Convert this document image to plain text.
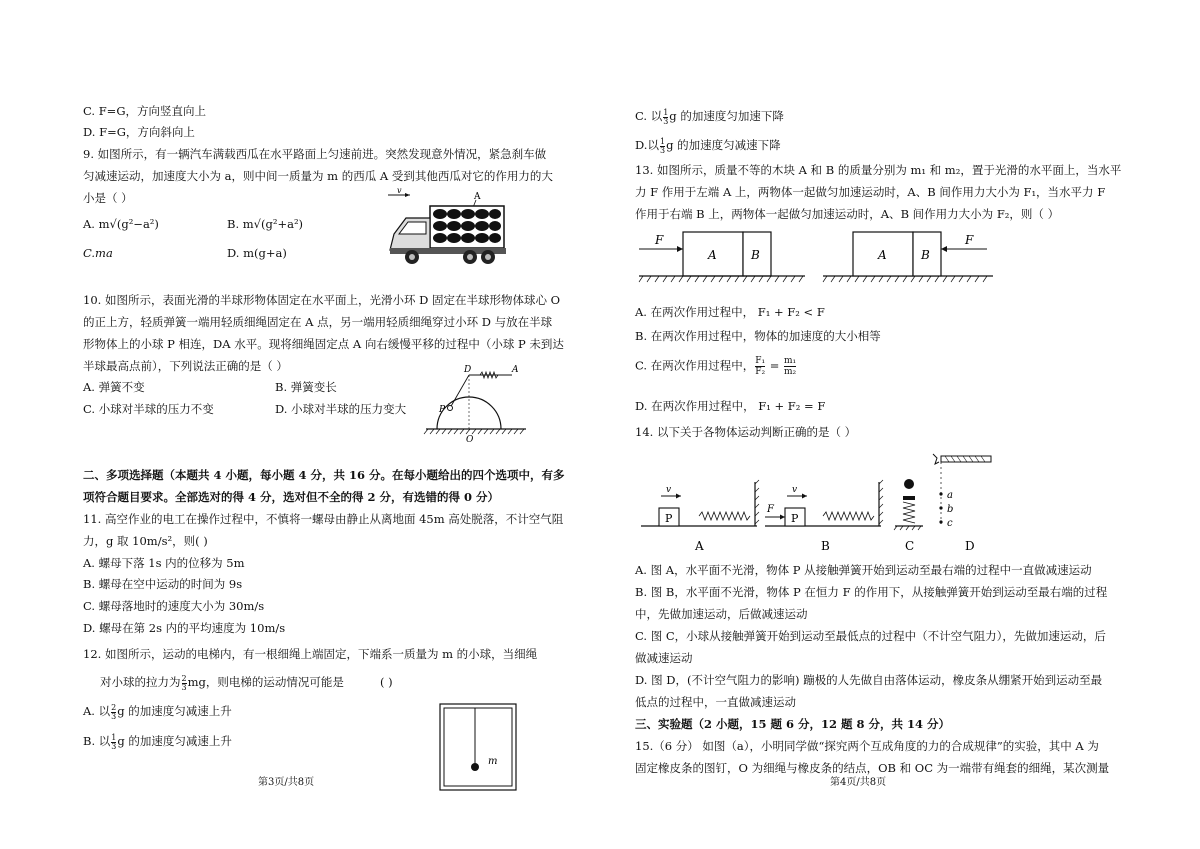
C. F=G，方向竖直向上
D. F=G，方向斜向上
9. 如图所示，有一辆汽车满载西瓜在水平路面上匀速前进。突然发现意外情况，紧急刹车做
匀减速运动，加速度大小为 a，则中间一质量为 m 的西瓜 A 受到其他西瓜对它的作用力的大
小是（ ）
A. m√(g²−a²)	B. m√(g²+a²)
C.ma	D. m(g+a)
v
A
10. 如图所示，表面光滑的半球形物体固定在水平面上，光滑小环 D 固定在半球形物体球心 O
的正上方，轻质弹簧一端用轻质细绳固定在 A 点，另一端用轻质细绳穿过小环 D 与放在半球
形物体上的小球 P 相连，DA 水平。现将细绳固定点 A 向右缓慢平移的过程中（小球 P 未到达
半球最高点前），下列说法正确的是（ ）
A. 弹簧不变	B. 弹簧变长
C. 小球对半球的压力不变	D. 小球对半球的压力变大
D	A
P
O
二、多项选择题（本题共 4 小题，每小题 4 分，共 16 分。在每小题给出的四个选项中，有多
项符合题目要求。全部选对的得 4 分，选对但不全的得 2 分，有选错的得 0 分）
11. 高空作业的电工在操作过程中，不慎将一螺母由静止从离地面 45m 高处脱落，不计空气阻
力，g 取 10m/s²，则( )
A. 螺母下落 1s 内的位移为 5m
B. 螺母在空中运动的时间为 9s
C. 螺母落地时的速度大小为 30m/s
D. 螺母在第 2s 内的平均速度为 10m/s
12. 如图所示，运动的电梯内，有一根细绳上端固定，下端系一质量为 m 的小球，当细绳
对小球的拉力为 $\frac{2}{3}$ mg，则电梯的运动情况可能是	( )
A. 以 $\frac{2}{3}$ g 的加速度匀减速上升
B. 以 $\frac{1}{3}$ g 的加速度匀减速上升
m
第3页/共8页
C. 以 $\frac{1}{3}$ g 的加速度匀加速下降
D.以 $\frac{1}{3}$ g 的加速度匀减速下降
13. 如图所示，质量不等的木块 A 和 B 的质量分别为 m₁ 和 m₂，置于光滑的水平面上，当水平
力 F 作用于左端 A 上，两物体一起做匀加速运动时，A、B 间作用力大小为 F₁，当水平力 F
作用于右端 B 上，两物体一起做匀加速运动时，A、B 间作用力大小为 F₂，则（ ）
F
A	B	A	B
F
A. 在两次作用过程中， F₁ + F₂ < F
B. 在两次作用过程中，物体的加速度的大小相等
C. 在两次作用过程中， $\frac{\text{F₁}}{\text{F₂}} = \frac{\text{m₁}}{\text{m₂}}$
D. 在两次作用过程中， F₁ + F₂ = F
14. 以下关于各物体运动判断正确的是（ ）
P
v
A
P
F
v
B	C
a
b
c
D
A. 图 A，水平面不光滑，物体 P 从接触弹簧开始到运动至最右端的过程中一直做减速运动
B. 图 B，水平面不光滑，物体 P 在恒力 F 的作用下，从接触弹簧开始到运动至最右端的过程
中，先做加速运动，后做减速运动
C. 图 C，小球从接触弹簧开始到运动至最低点的过程中（不计空气阻力），先做加速运动，后
做减速运动
D. 图 D，(不计空气阻力的影响) 蹦极的人先做自由落体运动，橡皮条从绷紧开始到运动至最
低点的过程中，一直做减速运动
三、实验题（2 小题，15 题 6 分，12 题 8 分，共 14 分）
15.（6 分） 如图（a），小明同学做“探究两个互成角度的力的合成规律”的实验，其中 A 为
固定橡皮条的图钉，O 为细绳与橡皮条的结点，OB 和 OC 为一端带有绳套的细绳，某次测量
第4页/共8页
